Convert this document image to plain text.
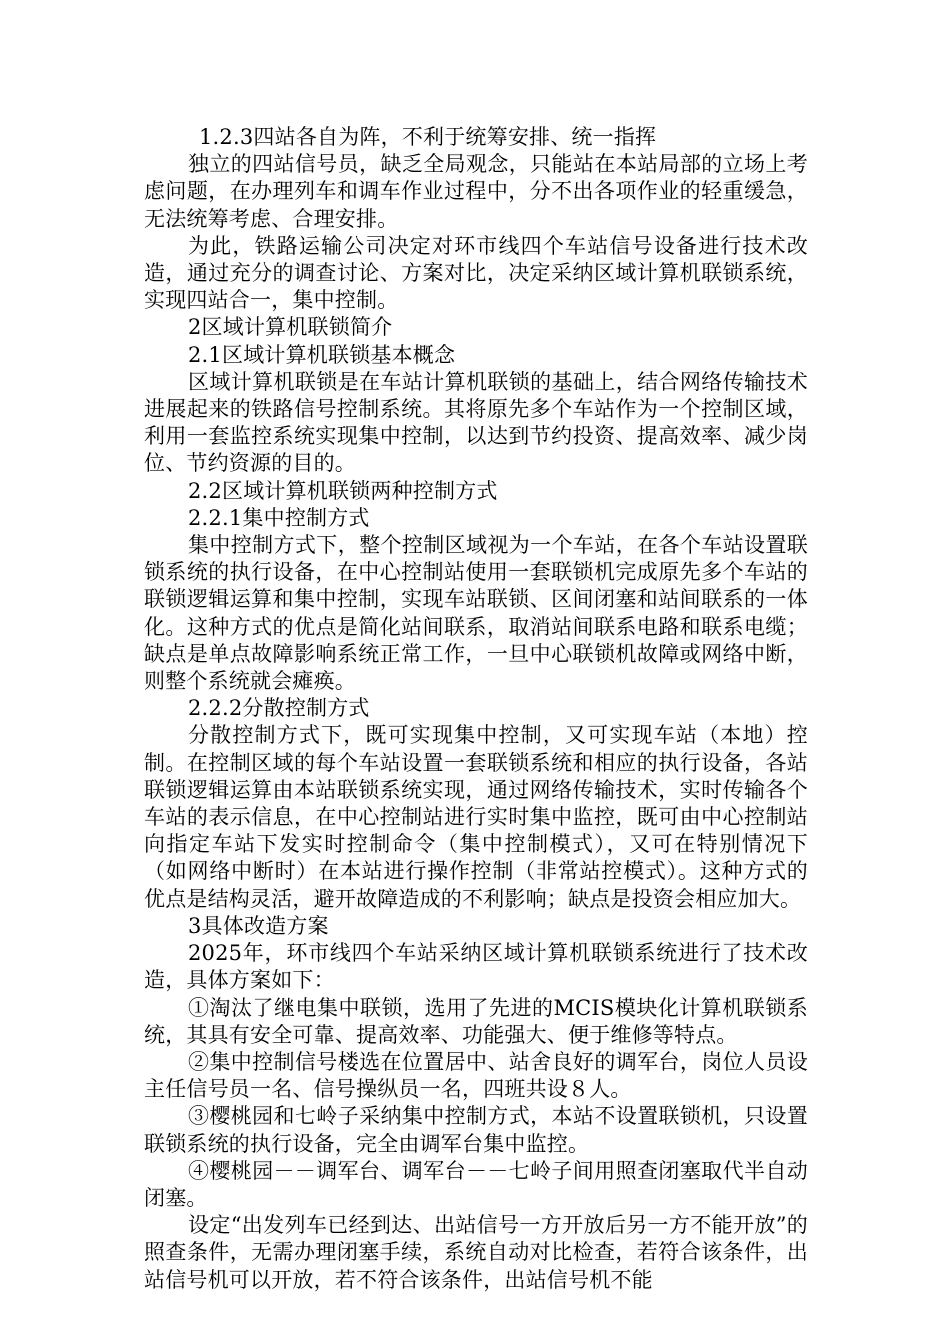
1.2.3四站各自为阵，不利于统筹安排、统一指挥

独立的四站信号员，缺乏全局观念，只能站在本站局部的立场上考虑问题，在办理列车和调车作业过程中，分不出各项作业的轻重缓急，无法统筹考虑、合理安排。

为此，铁路运输公司决定对环市线四个车站信号设备进行技术改造，通过充分的调查讨论、方案对比，决定采纳区域计算机联锁系统，实现四站合一，集中控制。

2区域计算机联锁简介

2.1区域计算机联锁基本概念

区域计算机联锁是在车站计算机联锁的基础上，结合网络传输技术进展起来的铁路信号控制系统。其将原先多个车站作为一个控制区域，利用一套监控系统实现集中控制，以达到节约投资、提高效率、减少岗位、节约资源的目的。

2.2区域计算机联锁两种控制方式

2.2.1集中控制方式

集中控制方式下，整个控制区域视为一个车站，在各个车站设置联锁系统的执行设备，在中心控制站使用一套联锁机完成原先多个车站的联锁逻辑运算和集中控制，实现车站联锁、区间闭塞和站间联系的一体化。这种方式的优点是简化站间联系，取消站间联系电路和联系电缆；缺点是单点故障影响系统正常工作，一旦中心联锁机故障或网络中断，则整个系统就会瘫痪。

2.2.2分散控制方式

分散控制方式下，既可实现集中控制，又可实现车站（本地）控制。在控制区域的每个车站设置一套联锁系统和相应的执行设备，各站联锁逻辑运算由本站联锁系统实现，通过网络传输技术，实时传输各个车站的表示信息，在中心控制站进行实时集中监控，既可由中心控制站向指定车站下发实时控制命令（集中控制模式），又可在特别情况下（如网络中断时）在本站进行操作控制（非常站控模式）。这种方式的优点是结构灵活，避开故障造成的不利影响；缺点是投资会相应加大。

3具体改造方案

2025年，环市线四个车站采纳区域计算机联锁系统进行了技术改造，具体方案如下：

①淘汰了继电集中联锁，选用了先进的MCIS模块化计算机联锁系统，其具有安全可靠、提高效率、功能强大、便于维修等特点。

②集中控制信号楼选在位置居中、站舍良好的调军台，岗位人员设主任信号员一名、信号操纵员一名，四班共设８人。

③樱桃园和七岭子采纳集中控制方式，本站不设置联锁机，只设置联锁系统的执行设备，完全由调军台集中监控。

④樱桃园－－调军台、调军台－－七岭子间用照查闭塞取代半自动闭塞。

设定“出发列车已经到达、出站信号一方开放后另一方不能开放”的照查条件，无需办理闭塞手续，系统自动对比检查，若符合该条件，出站信号机可以开放，若不符合该条件，出站信号机不能
